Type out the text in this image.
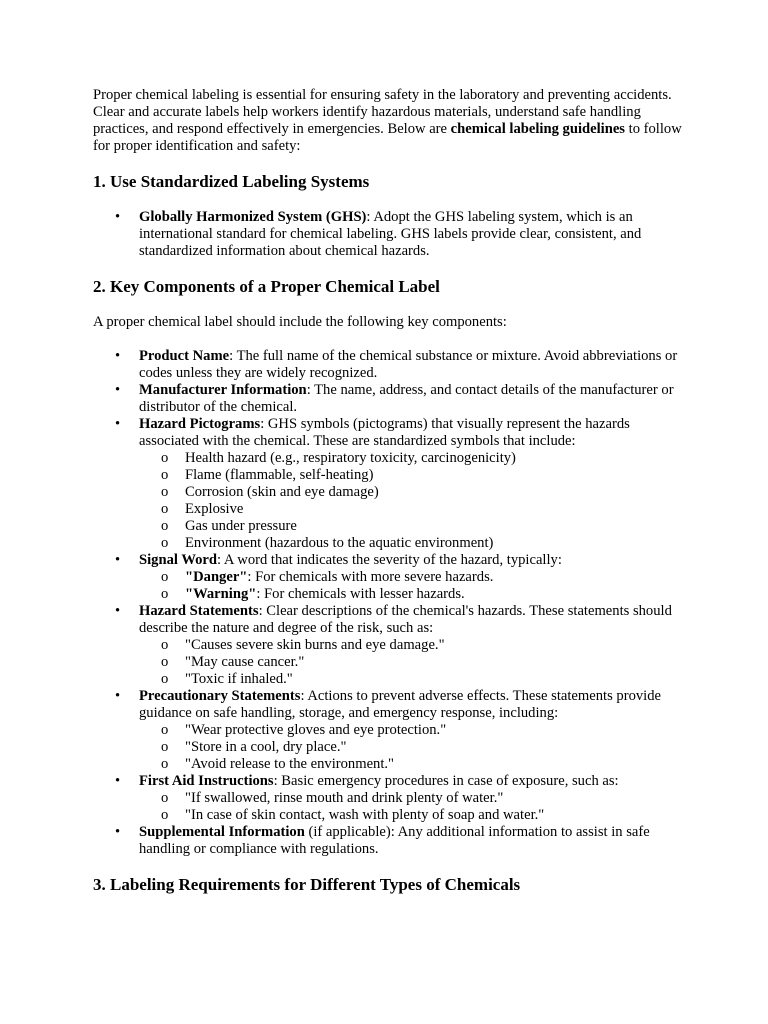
Proper chemical labeling is essential for ensuring safety in the laboratory and preventing accidents. Clear and accurate labels help workers identify hazardous materials, understand safe handling practices, and respond effectively in emergencies. Below are chemical labeling guidelines to follow for proper identification and safety:

1. Use Standardized Labeling Systems
• Globally Harmonized System (GHS): Adopt the GHS labeling system, which is an international standard for chemical labeling. GHS labels provide clear, consistent, and standardized information about chemical hazards.
2. Key Components of a Proper Chemical Label

A proper chemical label should include the following key components:

• Product Name: The full name of the chemical substance or mixture. Avoid abbreviations or codes unless they are widely recognized.
• Manufacturer Information: The name, address, and contact details of the manufacturer or distributor of the chemical.
• Hazard Pictograms: GHS symbols (pictograms) that visually represent the hazards associated with the chemical. These are standardized symbols that include:
o Health hazard (e.g., respiratory toxicity, carcinogenicity)
o Flame (flammable, self-heating)
o Corrosion (skin and eye damage)
o Explosive
o Gas under pressure
o Environment (hazardous to the aquatic environment)
• Signal Word: A word that indicates the severity of the hazard, typically:
o "Danger": For chemicals with more severe hazards.
o "Warning": For chemicals with lesser hazards.
• Hazard Statements: Clear descriptions of the chemical's hazards. These statements should describe the nature and degree of the risk, such as:
o "Causes severe skin burns and eye damage."
o "May cause cancer."
o "Toxic if inhaled."
• Precautionary Statements: Actions to prevent adverse effects. These statements provide guidance on safe handling, storage, and emergency response, including:
o "Wear protective gloves and eye protection."
o "Store in a cool, dry place."
o "Avoid release to the environment."
• First Aid Instructions: Basic emergency procedures in case of exposure, such as:
o "If swallowed, rinse mouth and drink plenty of water."
o "In case of skin contact, wash with plenty of soap and water."
• Supplemental Information (if applicable): Any additional information to assist in safe handling or compliance with regulations.
3. Labeling Requirements for Different Types of Chemicals
